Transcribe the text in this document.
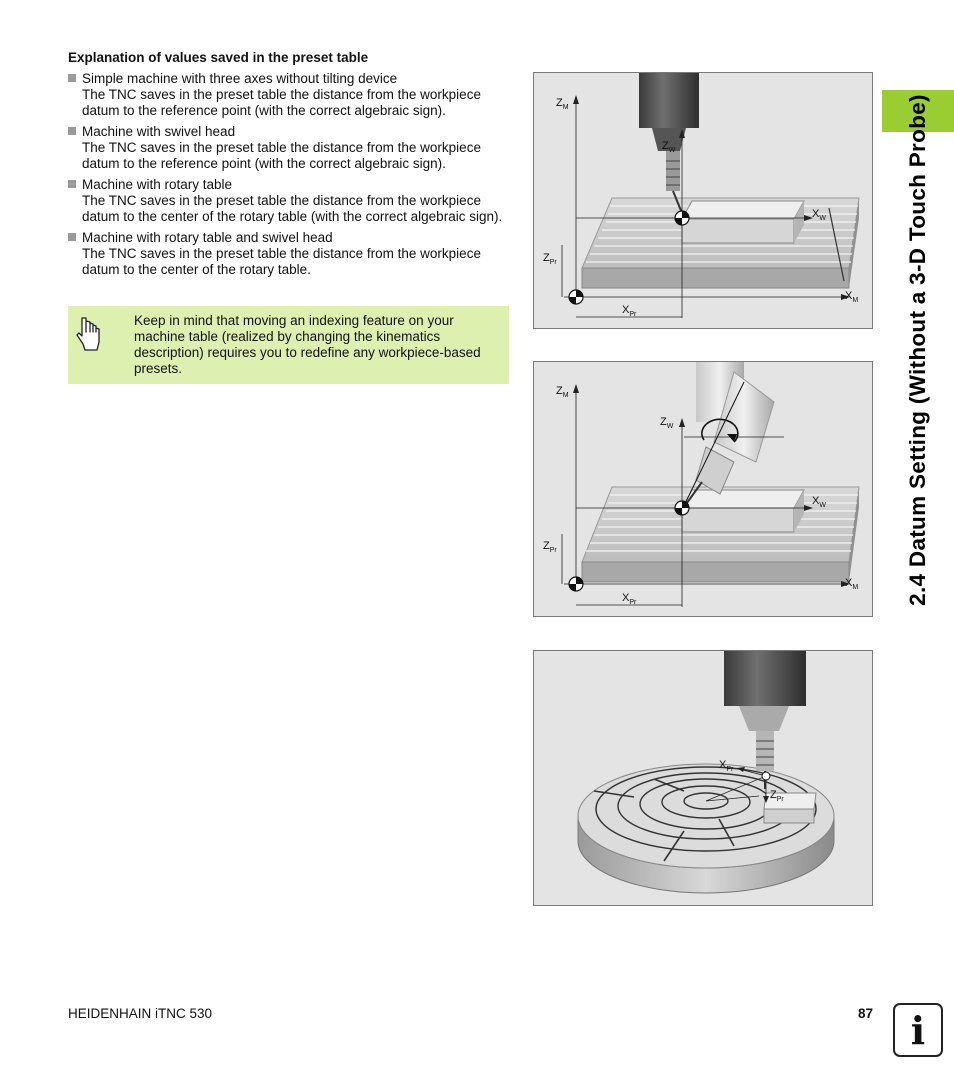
Explanation of values saved in the preset table
Simple machine with three axes without tilting device
The TNC saves in the preset table the distance from the workpiece datum to the reference point (with the correct algebraic sign).
Machine with swivel head
The TNC saves in the preset table the distance from the workpiece datum to the reference point (with the correct algebraic sign).
Machine with rotary table
The TNC saves in the preset table the distance from the workpiece datum to the center of the rotary table (with the correct algebraic sign).
Machine with rotary table and swivel head
The TNC saves in the preset table the distance from the workpiece datum to the center of the rotary table.
Keep in mind that moving an indexing feature on your machine table (realized by changing the kinematics description) requires you to redefine any workpiece-based presets.
$Z_M$
$Z_W$
$X_W$
$Z_{Pr}$
$X_M$
$X_{Pr}$
$Z_M$
$Z_W$
$X_W$
$Z_{Pr}$
$X_M$
$X_{Pr}$
$X_{Pr}$
$Z_{Pr}$
2.4 Datum Setting (Without a 3-D Touch Probe)
HEIDENHAIN iTNC 530	87 i
